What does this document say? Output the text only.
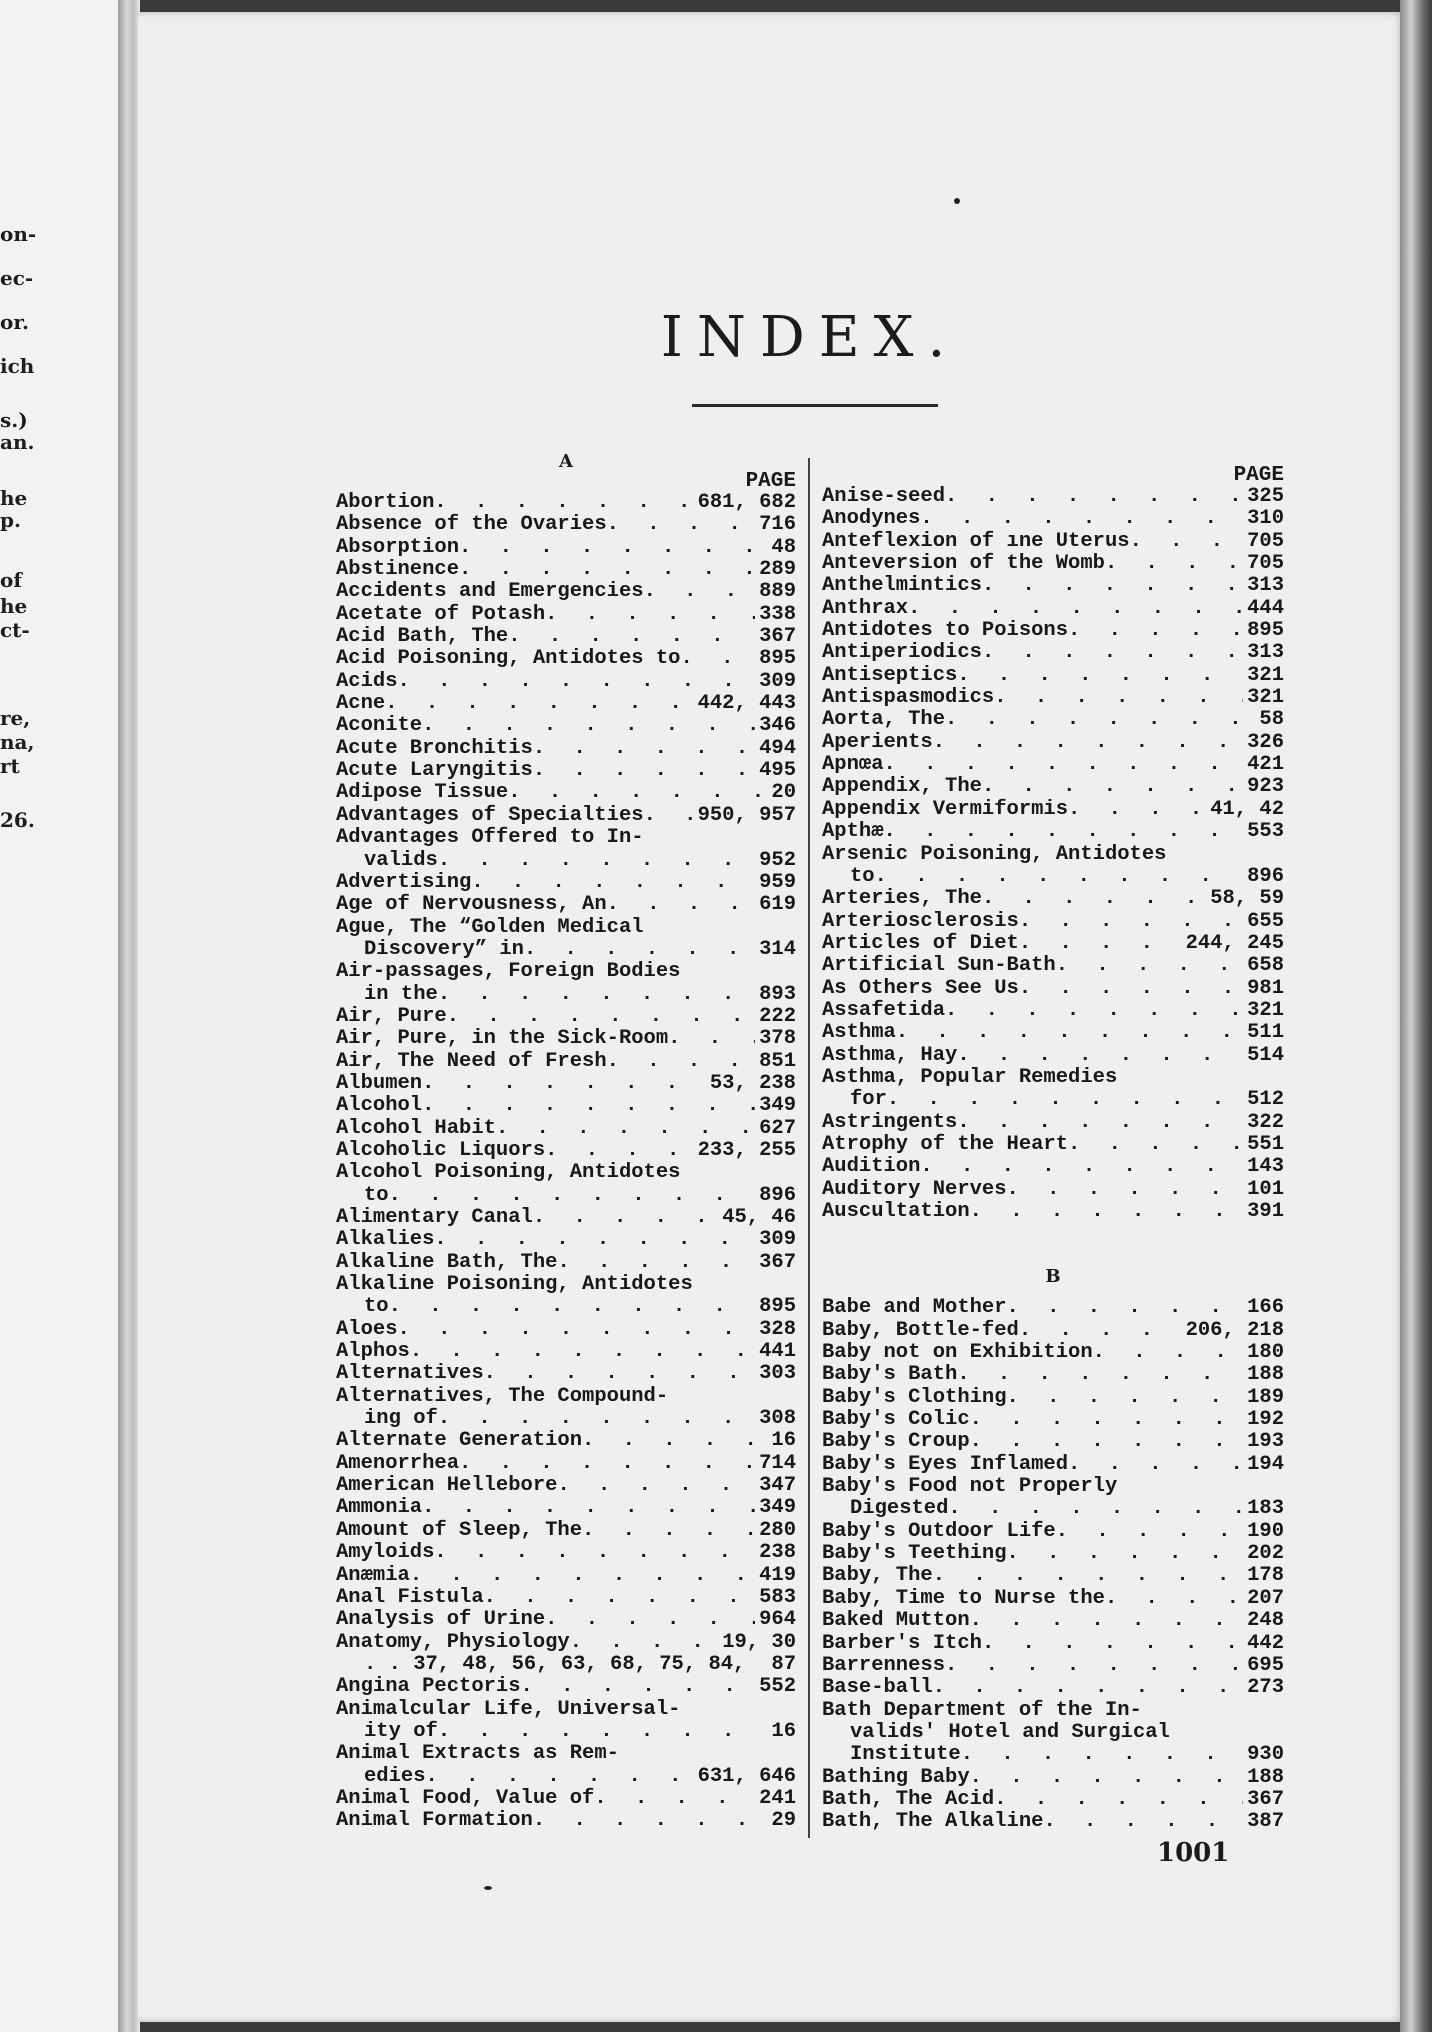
on-
ec-
or.
ich
s.)
an.
he
p.
of
he
ct-
re,
na,
rt
26.
INDEX.
A
PAGE
Abortion . . .	681, 682
Absence of the Ovaries . . .	716
Absorption . . .	48
Abstinence . . .	289
Accidents and Emergencies . . .	889
Acetate of Potash . . .	338
Acid Bath, The . . .	367
Acid Poisoning, Antidotes to . . .	895
Acids . . .	309
Acne . . .	442, 443
Aconite . . .	346
Acute Bronchitis . . .	494
Acute Laryngitis . . .	495
Adipose Tissue . . .	20
Advantages of Specialties . . .	950, 957
Advantages Offered to In-
valids . . .	952
Advertising . . .	959
Age of Nervousness, An . . .	619
Ague, The “Golden Medical
Discovery” in . . .	314
Air-passages, Foreign Bodies
in the . . .	893
Air, Pure . . .	222
Air, Pure, in the Sick-Room . . .	378
Air, The Need of Fresh . . .	851
Albumen . . .	53, 238
Alcohol . . .	349
Alcohol Habit . . .	627
Alcoholic Liquors . . .	233, 255
Alcohol Poisoning, Antidotes
to . . .	896
Alimentary Canal . . .	45, 46
Alkalies . . .	309
Alkaline Bath, The . . .	367
Alkaline Poisoning, Antidotes
to . . .	895
Aloes . . .	328
Alphos . . .	441
Alternatives . . .	303
Alternatives, The Compound-
ing of . . .	308
Alternate Generation . . .	16
Amenorrhea . . .	714
American Hellebore . . .	347
Ammonia . . .	349
Amount of Sleep, The . . .	280
Amyloids . . .	238
Anæmia . . .	419
Anal Fistula . . .	583
Analysis of Urine . . .	964
Anatomy, Physiology . . .	19, 30
. . 37, 48, 56, 63, 68, 75, 84, 87
Angina Pectoris . . .	552
Animalcular Life, Universal-
ity of . . .	16
Animal Extracts as Rem-
edies . . .	631, 646
Animal Food, Value of . . .	241
Animal Formation . . .	29
PAGE
Anise-seed . . .	325
Anodynes . . .	310
Anteflexion of ıne Uterus . . .	705
Anteversion of the Womb . . .	705
Anthelmintics . . .	313
Anthrax . . .	444
Antidotes to Poisons . . .	895
Antiperiodics . . .	313
Antiseptics . . .	321
Antispasmodics . . .	321
Aorta, The . . .	58
Aperients . . .	326
Apnœa . . .	421
Appendix, The . . .	923
Appendix Vermiformis . . .	41, 42
Apthæ . . .	553
Arsenic Poisoning, Antidotes
to . . .	896
Arteries, The . . .	58, 59
Arteriosclerosis . . .	655
Articles of Diet . . .	244, 245
Artificial Sun-Bath . . .	658
As Others See Us . . .	981
Assafetida . . .	321
Asthma . . .	511
Asthma, Hay . . .	514
Asthma, Popular Remedies
for . . .	512
Astringents . . .	322
Atrophy of the Heart . . .	551
Audition . . .	143
Auditory Nerves . . .	101
Auscultation . . .	391
B
Babe and Mother . . .	166
Baby, Bottle-fed . . .	206, 218
Baby not on Exhibition . . .	180
Baby's Bath . . .	188
Baby's Clothing . . .	189
Baby's Colic . . .	192
Baby's Croup . . .	193
Baby's Eyes Inflamed . . .	194
Baby's Food not Properly
Digested . . .	183
Baby's Outdoor Life . . .	190
Baby's Teething . . .	202
Baby, The . . .	178
Baby, Time to Nurse the . . .	207
Baked Mutton . . .	248
Barber's Itch . . .	442
Barrenness . . .	695
Base-ball . . .	273
Bath Department of the In-
valids' Hotel and Surgical
Institute . . .	930
Bathing Baby . . .	188
Bath, The Acid . . .	367
Bath, The Alkaline . . .	387
1001
